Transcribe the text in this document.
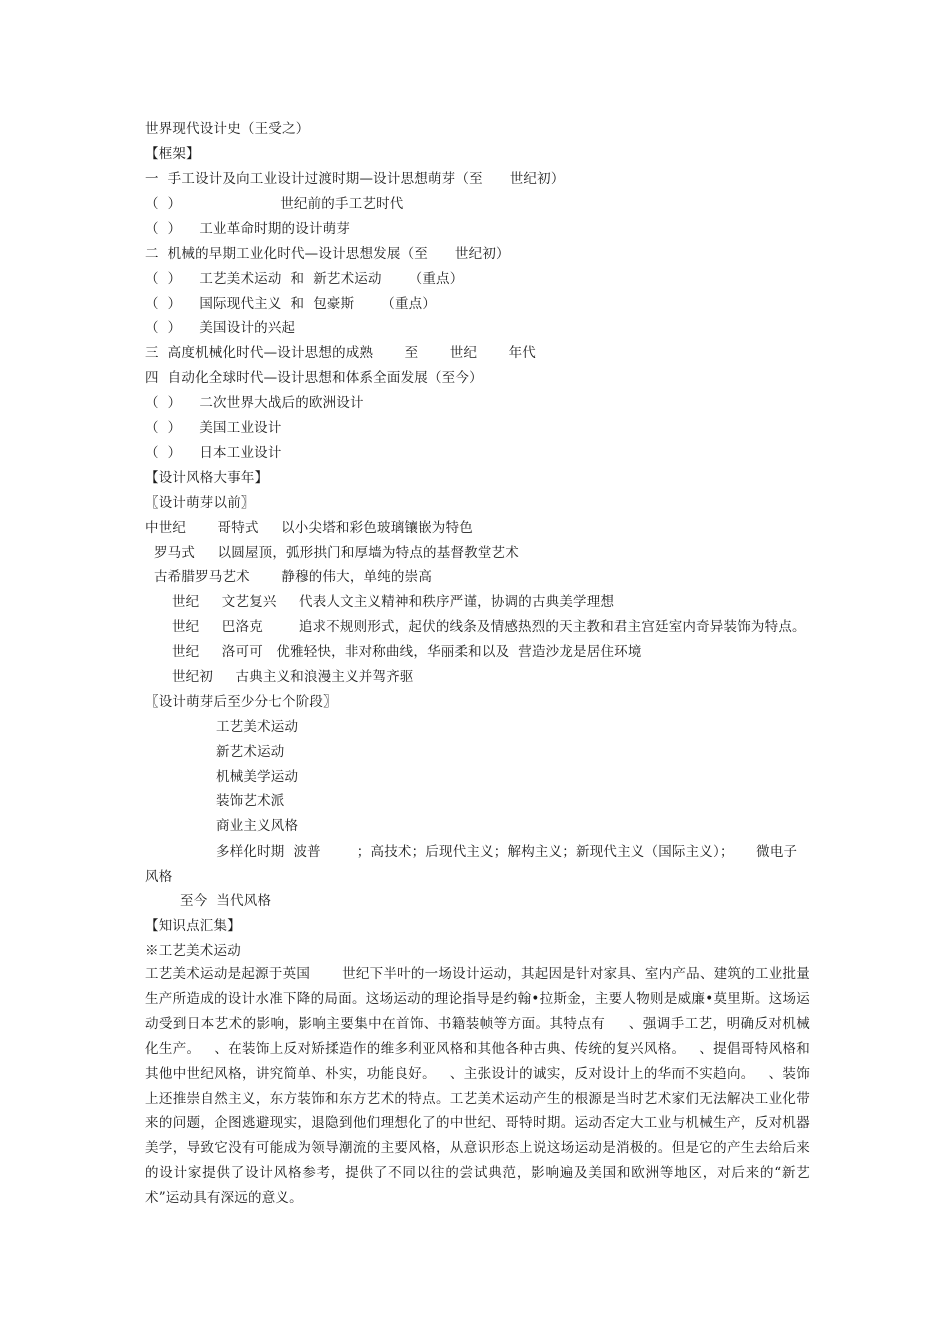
世界现代设计史（王受之）
【框架】
一  手工设计及向工业设计过渡时期—设计思想萌芽（至      世纪初）
（  ）                      世纪前的手工艺时代
（  ）    工业革命时期的设计萌芽
二  机械的早期工业化时代—设计思想发展（至      世纪初）
（  ）    工艺美术运动  和  新艺术运动      （重点）
（  ）    国际现代主义  和  包豪斯      （重点）
（  ）    美国设计的兴起
三  高度机械化时代—设计思想的成熟       至       世纪       年代
四  自动化全球时代—设计思想和体系全面发展（至今）
（  ）    二次世界大战后的欧洲设计
（  ）    美国工业设计
（  ）    日本工业设计
【设计风格大事年】
〖设计萌芽以前〗
中世纪       哥特式     以小尖塔和彩色玻璃镶嵌为特色
罗马式     以圆屋顶，弧形拱门和厚墙为特点的基督教堂艺术
古希腊罗马艺术       静穆的伟大，单纯的崇高
世纪     文艺复兴     代表人文主义精神和秩序严谨，协调的古典美学理想
世纪     巴洛克        追求不规则形式，起伏的线条及情感热烈的天主教和君主宫廷室内奇异装饰为特点。
世纪     洛可可   优雅轻快，非对称曲线，华丽柔和以及  营造沙龙是居住环境
世纪初     古典主义和浪漫主义并驾齐驱
〖设计萌芽后至少分七个阶段〗
工艺美术运动
新艺术运动
机械美学运动
装饰艺术派
商业主义风格
多样化时期  波普        ；高技术；后现代主义；解构主义；新现代主义（国际主义）；     微电子风格
至今  当代风格
【知识点汇集】
※工艺美术运动
工艺美术运动是起源于英国       世纪下半叶的一场设计运动，其起因是针对家具、室内产品、建筑的工业批量生产所造成的设计水准下降的局面。这场运动的理论指导是约翰•拉斯金，主要人物则是威廉•莫里斯。这场运动受到日本艺术的影响，影响主要集中在首饰、书籍装帧等方面。其特点有     、强调手工艺，明确反对机械化生产。   、在装饰上反对矫揉造作的维多利亚风格和其他各种古典、传统的复兴风格。   、提倡哥特风格和其他中世纪风格，讲究简单、朴实，功能良好。   、主张设计的诚实，反对设计上的华而不实趋向。   、装饰上还推崇自然主义，东方装饰和东方艺术的特点。工艺美术运动产生的根源是当时艺术家们无法解决工业化带来的问题，企图逃避现实，退隐到他们理想化了的中世纪、哥特时期。运动否定大工业与机械生产，反对机器美学，导致它没有可能成为领导潮流的主要风格，从意识形态上说这场运动是消极的。但是它的产生去给后来的设计家提供了设计风格参考，提供了不同以往的尝试典范，影响遍及美国和欧洲等地区，对后来的“新艺术”运动具有深远的意义。
